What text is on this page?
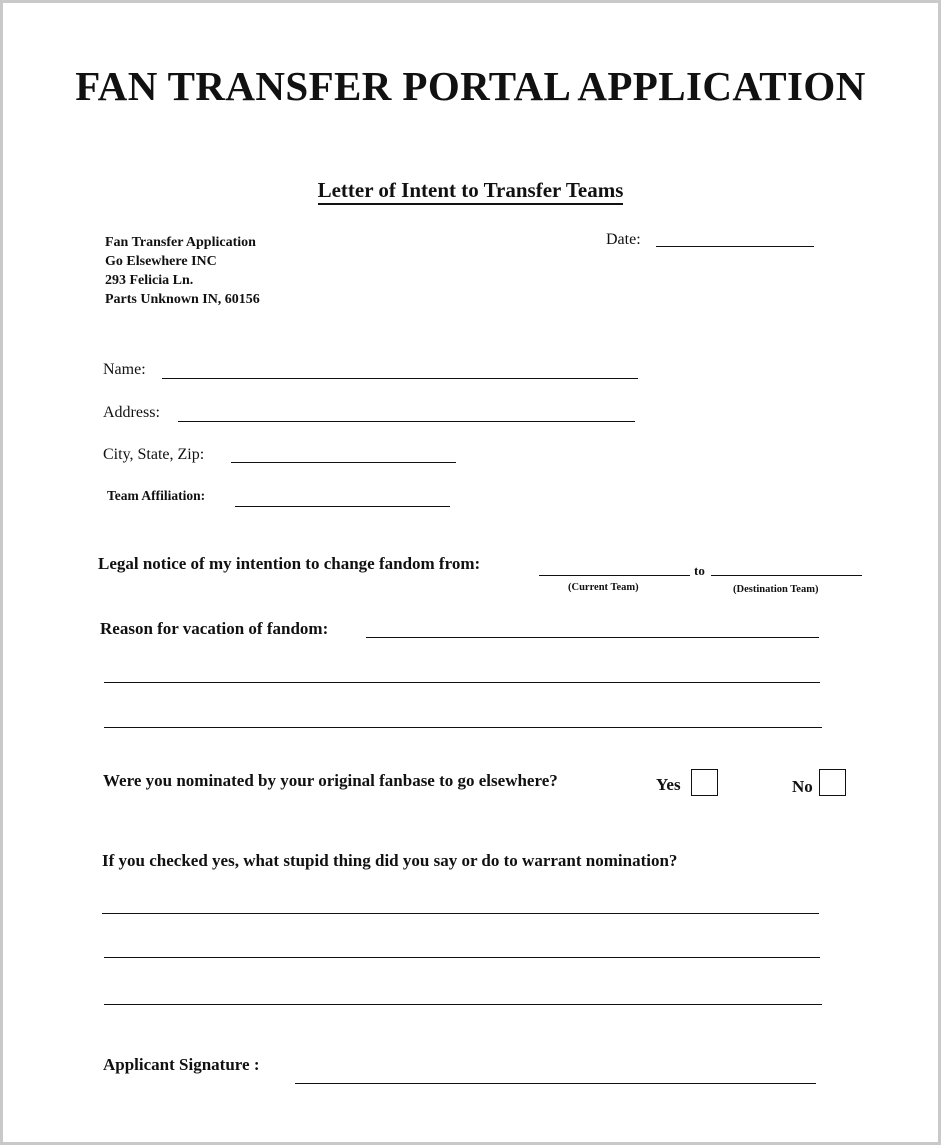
FAN TRANSFER PORTAL APPLICATION
Letter of Intent to Transfer Teams
Fan Transfer Application
Go Elsewhere INC
293 Felicia Ln.
Parts Unknown IN, 60156
Date:
Name:
Address:
City, State, Zip:
Team Affiliation:
Legal notice of my intention to change fandom from:	to
(Current Team)	(Destination Team)
Reason for vacation of fandom:
Were you nominated by your original fanbase to go elsewhere?	Yes	No
If you checked yes, what stupid thing did you say or do to warrant nomination?
Applicant Signature :
